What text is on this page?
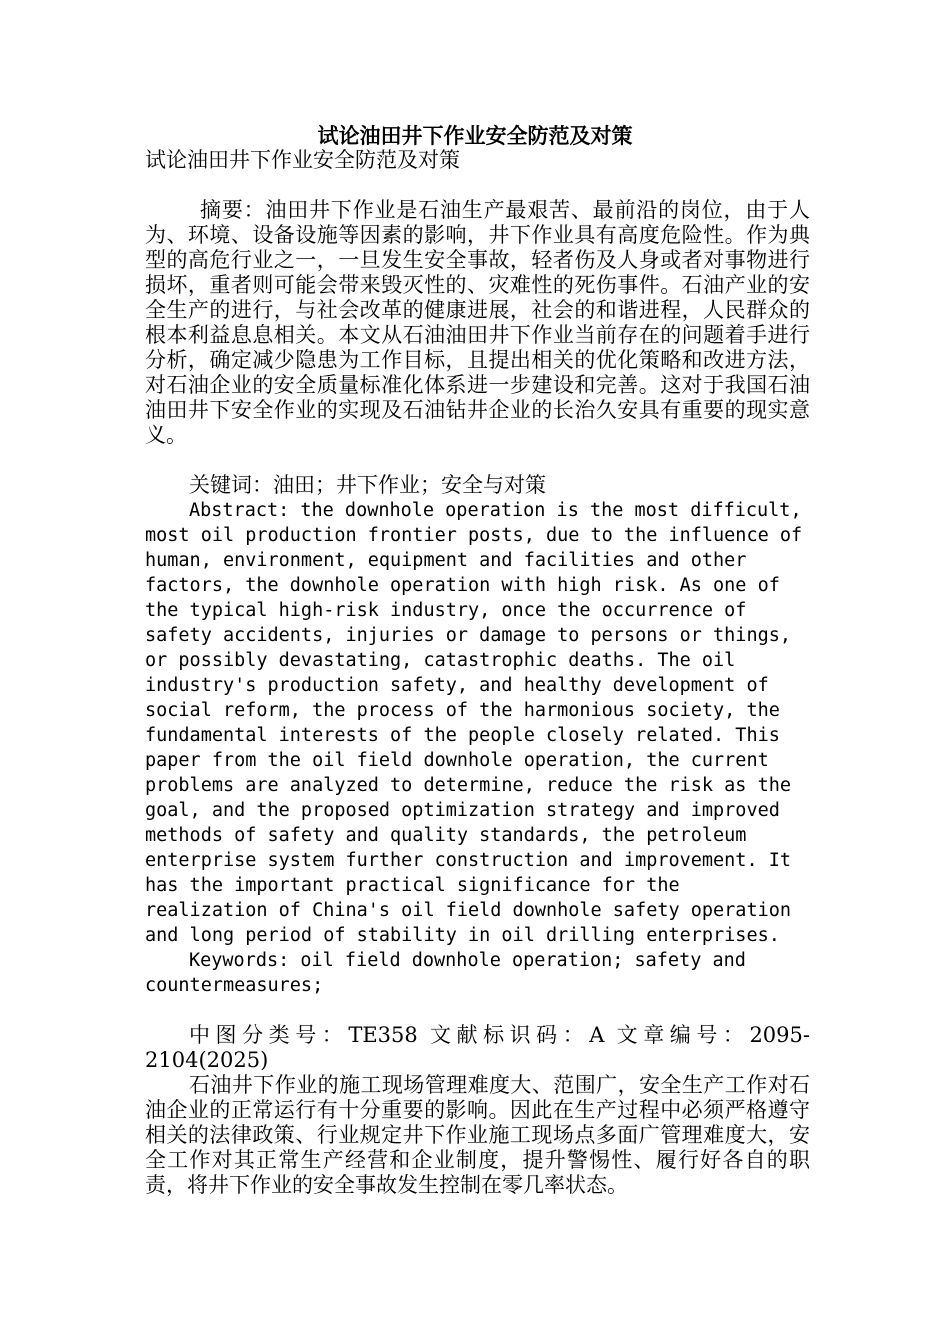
试论油田井下作业安全防范及对策

试论油田井下作业安全防范及对策

摘要：油田井下作业是石油生产最艰苦、最前沿的岗位，由于人为、环境、设备设施等因素的影响，井下作业具有高度危险性。作为典型的高危行业之一，一旦发生安全事故，轻者伤及人身或者对事物进行损坏，重者则可能会带来毁灭性的、灾难性的死伤事件。石油产业的安全生产的进行，与社会改革的健康进展，社会的和谐进程，人民群众的根本利益息息相关。本文从石油油田井下作业当前存在的问题着手进行分析，确定减少隐患为工作目标，且提出相关的优化策略和改进方法，对石油企业的安全质量标准化体系进一步建设和完善。这对于我国石油油田井下安全作业的实现及石油钻井企业的长治久安具有重要的现实意义。

关键词：油田；井下作业；安全与对策

Abstract: the downhole operation is the most difficult, most oil production frontier posts, due to the influence of human, environment, equipment and facilities and other factors, the downhole operation with high risk. As one of the typical high-risk industry, once the occurrence of safety accidents, injuries or damage to persons or things, or possibly devastating, catastrophic deaths. The oil industry's production safety, and healthy development of social reform, the process of the harmonious society, the fundamental interests of the people closely related. This paper from the oil field downhole operation, the current problems are analyzed to determine, reduce the risk as the goal, and the proposed optimization strategy and improved methods of safety and quality standards, the petroleum enterprise system further construction and improvement. It has the important practical significance for the realization of China's oil field downhole safety operation and long period of stability in oil drilling enterprises.

Keywords: oil field downhole operation; safety and countermeasures;

中图分类号：TE358 文献标识码：A 文章编号：2095-2104(2025)

石油井下作业的施工现场管理难度大、范围广，安全生产工作对石油企业的正常运行有十分重要的影响。因此在生产过程中必须严格遵守相关的法律政策、行业规定井下作业施工现场点多面广管理难度大，安全工作对其正常生产经营和企业制度，提升警惕性、履行好各自的职责，将井下作业的安全事故发生控制在零几率状态。
